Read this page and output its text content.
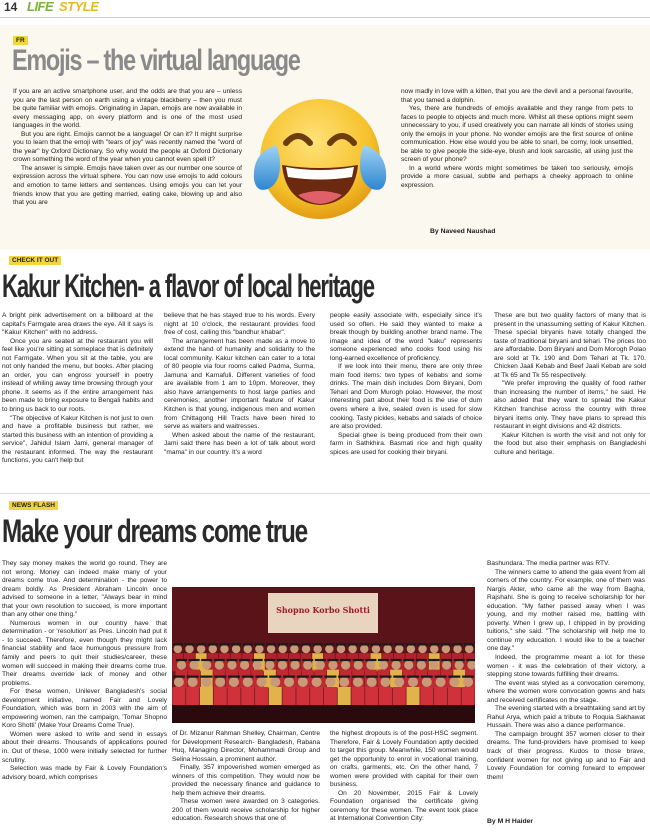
14 LIFE STYLE
FR
Emojis – the virtual language

If you are an active smartphone user, and the odds are that you are – unless you are the last person on earth using a vintage blackberry – then you must be quite familiar with emojis. Originating in Japan, emojis are now available in every messaging app, on every platform and is one of the most used languages in the world.

But you are right. Emojis cannot be a language! Or can it? It might surprise you to learn that the emoji with "tears of joy" was recently named the "word of the year" by Oxford Dictionary. So why would the people at Oxford Dictionary crown something the word of the year when you cannot even spell it?

The answer is simple. Emojis have taken over as our number one source of expression across the virtual sphere. You can now use emojis to add colours and emotion to tame letters and sentences. Using emojis you can let your friends know that you are getting married, eating cake, blowing up and also that you are

now madly in love with a kitten, that you are the devil and a personal favourite, that you tamed a dolphin.

Yes, there are hundreds of emojis available and they range from pets to faces to people to objects and much more. Whilst all these options might seem unnecessary to you, if used creatively you can narrate all kinds of stories using only the emojis in your phone. No wonder emojis are the first source of online communication. How else would you be able to snarl, be corny, look unsettled, be able to give people the side-eye, blush and look sarcastic, all using just the screen of your phone?

In a world where words might sometimes be taken too seriously, emojis provide a more casual, subtle and perhaps a cheeky approach to online expression.

By Naveed Naushad
CHECK IT OUT
Kakur Kitchen- a flavor of local heritage

A bright pink advertisement on a billboard at the capital's Farmgate area draws the eye. All it says is "Kakur Kitchen" with no address.

Once you are seated at the restaurant you will feel like you're sitting at someplace that is definitely not Farmgate. When you sit at the table, you are not only handed the menu, but books. After placing an order, you can engross yourself in poetry instead of whiling away time browsing through your phone. It seems as if the entire arrangement has been made to bring exposure to Bengali habits and to bring us back to our roots.

"The objective of Kakur Kitchen is not just to own and have a profitable business but rather, we started this business with an intention of providing a service", Jahidul Islam Jami, general manager of the restaurant informed. The way the restaurant functions, you can't help but

believe that he has stayed true to his words. Every night at 10 o'clock, the restaurant provides food free of cost, calling this "bandhur khabar".

The arrangement has been made as a move to extend the hand of humanity and solidarity to the local community. Kakur kitchen can cater to a total of 80 people via four rooms called Padma, Surma, Jamuna and Karnafuli. Different varieties of food are available from 1 am to 10pm. Moreover, they also have arrangements to host large parties and ceremonies; another important feature of Kakur Kitchen is that young, indigenous men and women from Chittagong Hill Tracts have been hired to serve as waiters and waitresses.

When asked about the name of the restaurant, Jami said there has been a lot of talk about word "mama" in our country. It's a word

people easily associate with, especially since it's used so often. He said they wanted to make a break though by building another brand name. The image and idea of the word "kaku" represents someone experienced who cooks food using his long-earned excellence of proficiency.

If we look into their menu, there are only three main food items: two types of kebabs and some drinks. The main dish includes Dom Biryani, Dom Tehari and Dom Murogh polao. However, the most interesting part about their food is the use of dum ovens where a live, sealed oven is used for slow cooking. Tasty pickles, kebabs and salads of choice are also provided.

Special ghee is being produced from their own farm in Sathkhira. Basmati rice and high quality spices are used for cooking their biryani.

These are but two quality factors of many that is present in the unassuming setting of Kakur Kitchen. These special biryanis have totally changed the taste of traditional biryani and tehari. The prices too are affordable. Dom Biryani and Dom Morogh Polao are sold at Tk. 190 and Dom Tehari at Tk. 170. Chicken Jaali Kebab and Beef Jaali Kebab are sold at Tk 65 and Tk 55 respectively.

"We prefer improving the quality of food rather than increasing the number of items," he said. He also added that they want to spread the Kakur Kitchen franchise across the country with three biryani items only. They have plans to spread this restaurant in eight divisions and 42 districts.

Kakur Kitchen is worth the visit and not only for the food but also their emphasis on Bangladeshi culture and heritage.

NEWS FLASH
Make your dreams come true

They say money makes the world go round. They are not wrong. Money can indeed make many of your dreams come true. And determination - the power to dream boldly. As President Abraham Lincoln once advised to someone in a letter, "Always bear in mind that your own resolution to succeed, is more important than any other one thing."

Numerous women in our country have that determination - or 'resolution' as Pres. Lincoln had put it - to succeed. Therefore, even though they might lack financial stability and face humungous pressure from family and peers to quit their studies/career, these women will succeed in making their dreams come true. Their dreams override lack of money and other problems.

For these women, Unilever Bangladesh's social development initiative, named Fair and Lovely Foundation, which was born in 2003 with the aim of empowering women, ran the campaign, 'Tomar Shopno Koro Shotti' (Make Your Dreams Come True).

Women were asked to write and send in essays about their dreams. Thousands of applications poured in. Out of these, 1000 were initially selected for further scrutiny.

Selection was made by Fair & Lovely Foundation's advisory board, which comprises

Shopno Korbo Shotti

of Dr. Mizanur Rahman Shelley, Chairman, Centre for Development Research- Bangladesh, Rabana Huq, Managing Director, Mohammadi Group and Selina Hossain, a prominent author.

Finally, 357 impoverished women emerged as winners of this competition. They would now be provided the necessary finance and guidance to help them achieve their dreams.

These women were awarded on 3 categories. 200 of them would receive scholarship for higher education. Research shows that one of

the highest dropouts is of the post-HSC segment. Therefore, Fair & Lovely Foundation aptly decided to target this group. Meanwhile, 150 women would get the opportunity to enrol in vocational training, on crafts, garments, etc. On the other hand, 7 women were provided with capital for their own business.

On 20 November, 2015 Fair & Lovely Foundation organised the certificate giving ceremony for these women. The event took place at International Convention City:

Bashundara. The media partner was RTV.

The winners came to attend the gala event from all corners of the country. For example, one of them was Nargis Akter, who came all the way from Bagha, Rajshahi. She is going to receive scholarship for her education. "My father passed away when I was young, and my mother raised me, battling with poverty. When I grew up, I chipped in by providing tuitions," she said. "The scholarship will help me to continue my education. I would like to be a teacher one day."

Indeed, the programme meant a lot for these women - it was the celebration of their victory, a stepping stone towards fulfilling their dreams.

The event was styled as a convocation ceremony, where the women wore convocation gowns and hats and received certificates on the stage.

The evening started with a breathtaking sand art by Rahul Arya, which paid a tribute to Roquia Sakhawat Hussain. There was also a dance performance.

The campaign brought 357 women closer to their dreams. The fund-providers have promised to keep track of their progress. Kudos to those brave, confident women for not giving up and to Fair and Lovely Foundation for coming forward to empower them!

By M H Haider
